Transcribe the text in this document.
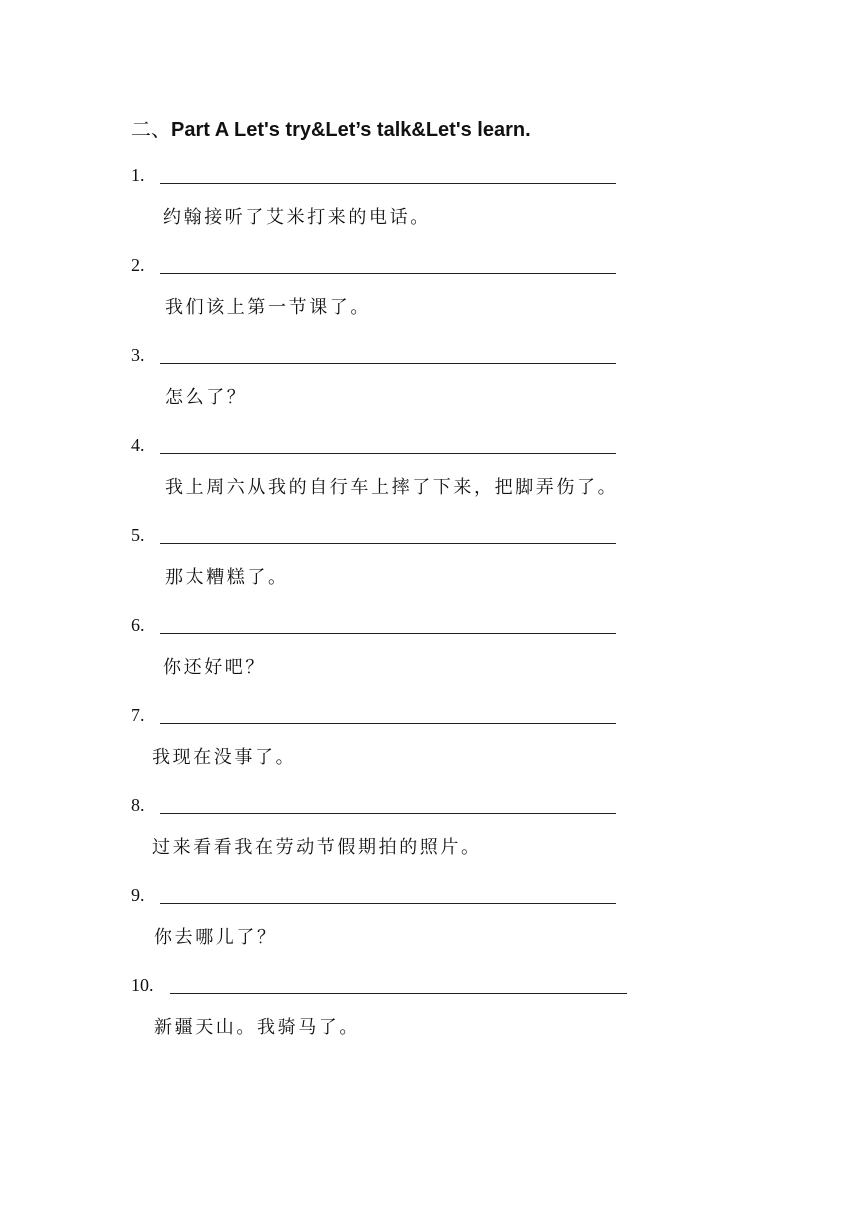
二、Part A Let's try&Let’s talk&Let's learn.
1.
约翰接听了艾米打来的电话。
2.
我们该上第一节课了。
3.
怎么了？
4.
我上周六从我的自行车上摔了下来，把脚弄伤了。
5.
那太糟糕了。
6.
你还好吧？
7.
我现在没事了。
8.
过来看看我在劳动节假期拍的照片。
9.
你去哪儿了？
10.
新疆天山。我骑马了。
